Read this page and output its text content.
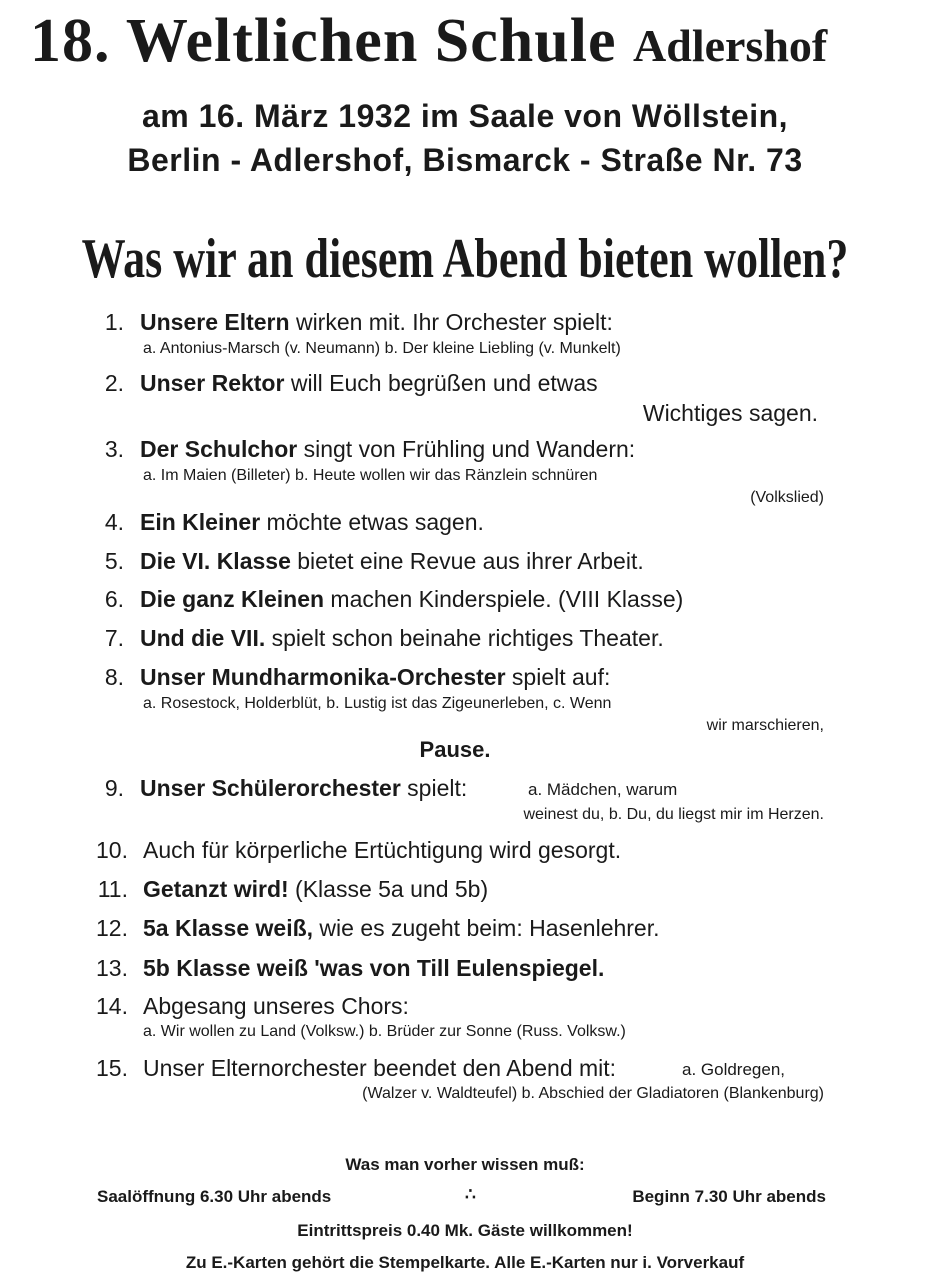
18. Weltlichen Schule Adlershof
am 16. März 1932 im Saale von Wöllstein,
Berlin - Adlershof, Bismarck - Straße Nr. 73
Was wir an diesem Abend bieten wollen?
1. Unsere Eltern wirken mit. Ihr Orchester spielt:
a. Antonius-Marsch (v. Neumann) b. Der kleine Liebling (v. Munkelt)
2. Unser Rektor will Euch begrüßen und etwas
Wichtiges sagen.
3. Der Schulchor singt von Frühling und Wandern:
a. Im Maien (Billeter) b. Heute wollen wir das Ränzlein schnüren
(Volkslied)
4. Ein Kleiner möchte etwas sagen.
5. Die VI. Klasse bietet eine Revue aus ihrer Arbeit.
6. Die ganz Kleinen machen Kinderspiele. (VIII Klasse)
7. Und die VII. spielt schon beinahe richtiges Theater.
8. Unser Mundharmonika-Orchester spielt auf:
a. Rosestock, Holderblüt, b. Lustig ist das Zigeunerleben, c. Wenn
wir marschieren,
9. Unser Schülerorchester spielt:	a. Mädchen, warum
weinest du, b. Du, du liegst mir im Herzen.
10. Auch für körperliche Ertüchtigung wird gesorgt.
11. Getanzt wird! (Klasse 5a und 5b)
12. 5a Klasse weiß, wie es zugeht beim: Hasenlehrer.
13. 5b Klasse weiß 'was von Till Eulenspiegel.
14. Abgesang unseres Chors:
a. Wir wollen zu Land (Volksw.) b. Brüder zur Sonne (Russ. Volksw.)
15. Unser Elternorchester beendet den Abend mit:	a. Goldregen,
(Walzer v. Waldteufel) b. Abschied der Gladiatoren (Blankenburg)
Pause.
Was man vorher wissen muß:
Saalöffnung 6.30 Uhr abends	∴	Beginn 7.30 Uhr abends
Eintrittspreis 0.40 Mk. Gäste willkommen!
Zu E.-Karten gehört die Stempelkarte. Alle E.-Karten nur i. Vorverkauf
